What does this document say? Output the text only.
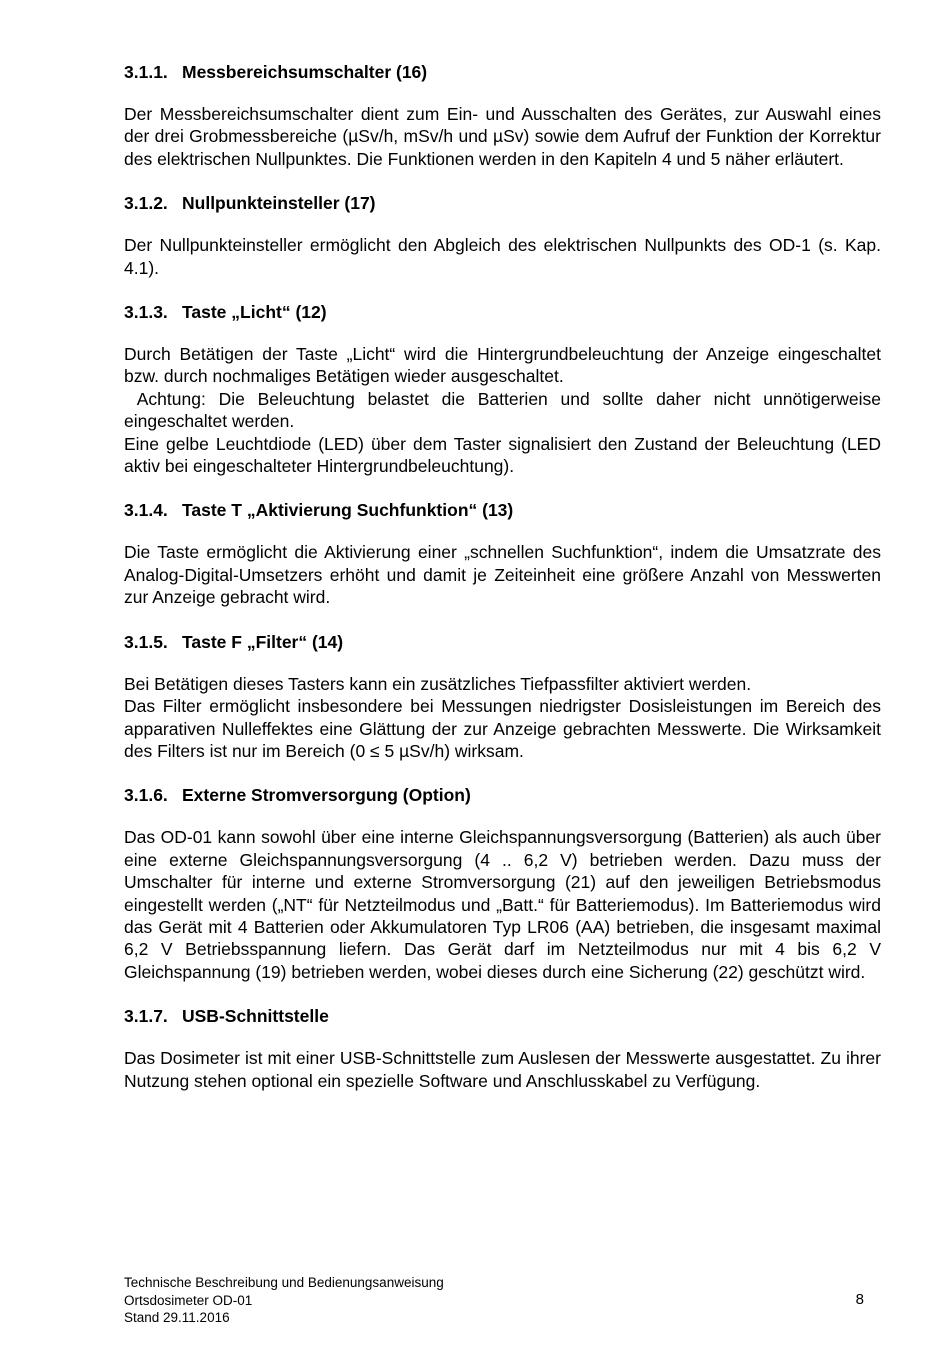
3.1.1. Messbereichsumschalter (16)

Der Messbereichsumschalter dient zum Ein- und Ausschalten des Gerätes, zur Auswahl eines der drei Grobmessbereiche (µSv/h, mSv/h und µSv) sowie dem Aufruf der Funktion der Korrektur des elektrischen Nullpunktes. Die Funktionen werden in den Kapiteln 4 und 5 näher erläutert.

3.1.2. Nullpunkteinsteller (17)

Der Nullpunkteinsteller ermöglicht den Abgleich des elektrischen Nullpunkts des OD-1 (s. Kap. 4.1).

3.1.3. Taste „Licht“ (12)

Durch Betätigen der Taste „Licht“ wird die Hintergrundbeleuchtung der Anzeige eingeschaltet bzw. durch nochmaliges Betätigen wieder ausgeschaltet.

Achtung: Die Beleuchtung belastet die Batterien und sollte daher nicht unnötigerweise eingeschaltet werden.

Eine gelbe Leuchtdiode (LED) über dem Taster signalisiert den Zustand der Beleuchtung (LED aktiv bei eingeschalteter Hintergrundbeleuchtung).

3.1.4. Taste T „Aktivierung Suchfunktion“ (13)

Die Taste ermöglicht die Aktivierung einer „schnellen Suchfunktion“, indem die Umsatzrate des Analog-Digital-Umsetzers erhöht und damit je Zeiteinheit eine größere Anzahl von Messwerten zur Anzeige gebracht wird.

3.1.5. Taste F „Filter“ (14)

Bei Betätigen dieses Tasters kann ein zusätzliches Tiefpassfilter aktiviert werden.

Das Filter ermöglicht insbesondere bei Messungen niedrigster Dosisleistungen im Bereich des apparativen Nulleffektes eine Glättung der zur Anzeige gebrachten Messwerte. Die Wirksamkeit des Filters ist nur im Bereich (0 ≤ 5 µSv/h) wirksam.

3.1.6. Externe Stromversorgung (Option)

Das OD-01 kann sowohl über eine interne Gleichspannungsversorgung (Batterien) als auch über eine externe Gleichspannungsversorgung (4 .. 6,2 V) betrieben werden. Dazu muss der Umschalter für interne und externe Stromversorgung (21) auf den jeweiligen Betriebsmodus eingestellt werden („NT“ für Netzteilmodus und „Batt.“ für Batteriemodus). Im Batteriemodus wird das Gerät mit 4 Batterien oder Akkumulatoren Typ LR06 (AA) betrieben, die insgesamt maximal 6,2 V Betriebsspannung liefern. Das Gerät darf im Netzteilmodus nur mit 4 bis 6,2 V Gleichspannung (19) betrieben werden, wobei dieses durch eine Sicherung (22) geschützt wird.

3.1.7. USB-Schnittstelle

Das Dosimeter ist mit einer USB-Schnittstelle zum Auslesen der Messwerte ausgestattet. Zu ihrer Nutzung stehen optional ein spezielle Software und Anschlusskabel zu Verfügung.

Technische Beschreibung und Bedienungsanweisung
Ortsdosimeter OD-01
Stand 29.11.2016
8
